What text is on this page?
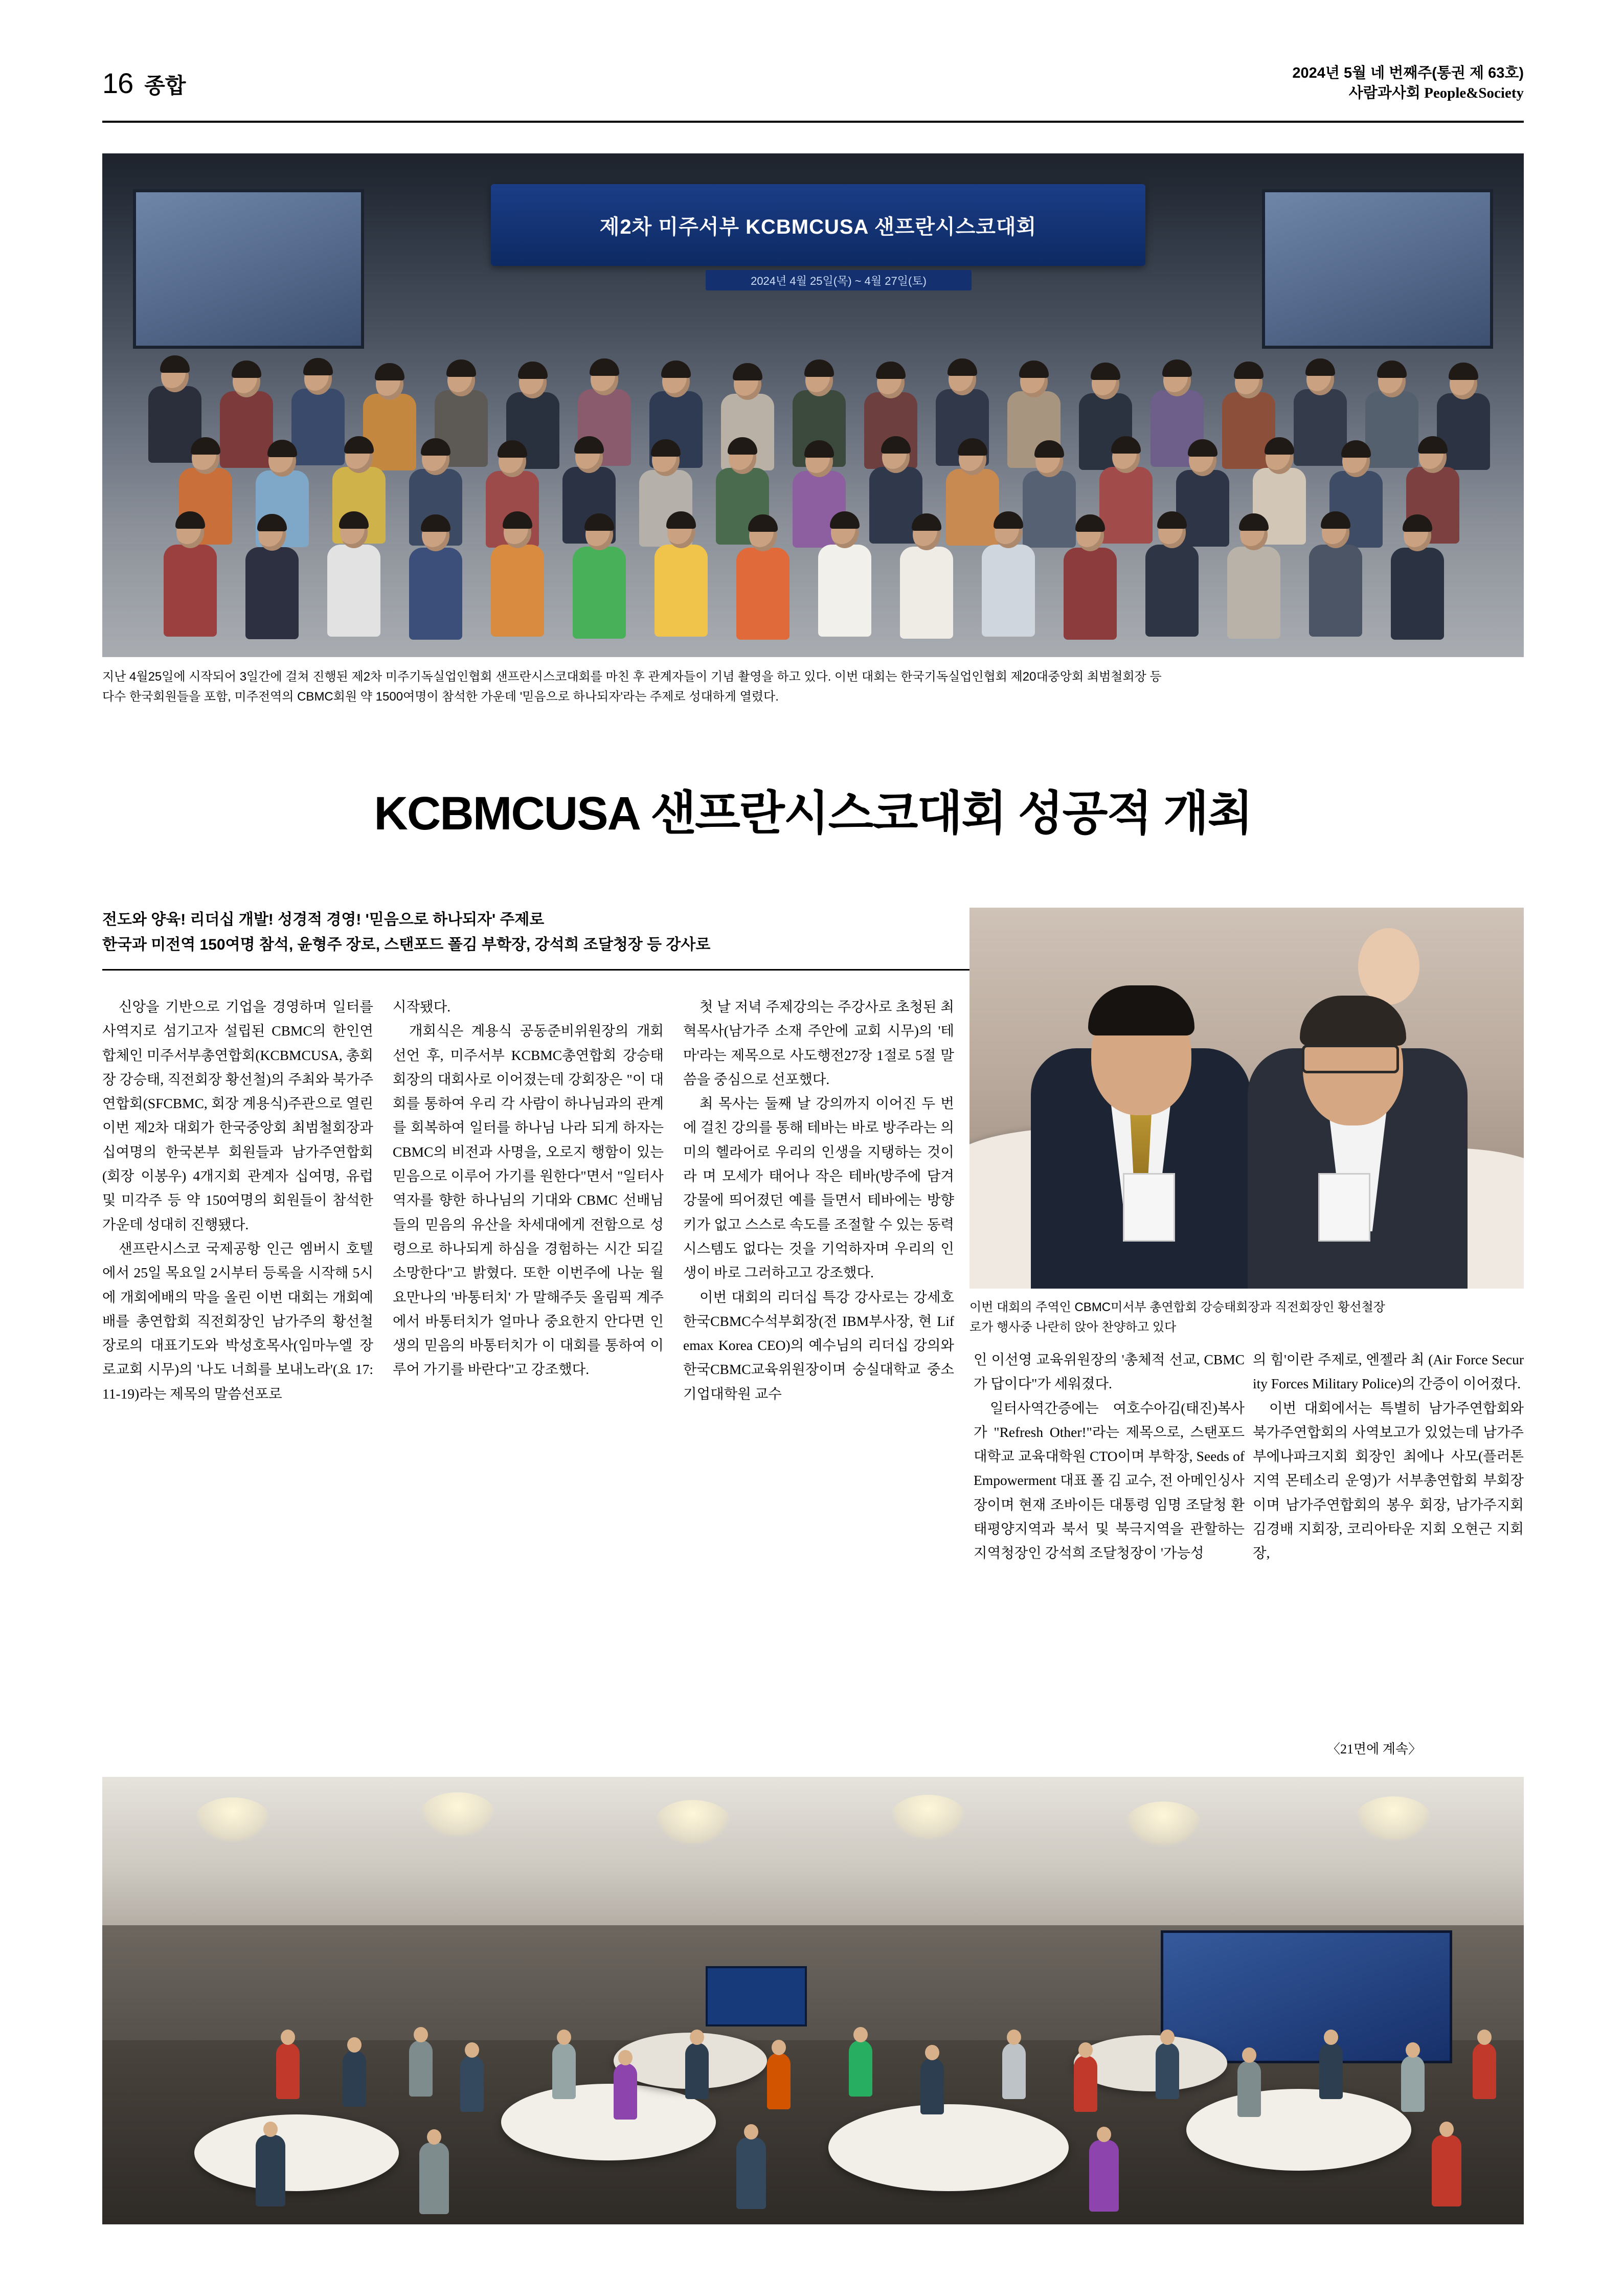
16 종합
2024년 5월 네 번째주(통권 제 63호)
사람과사회 People&Society
제2차 미주서부 KCBMCUSA 샌프란시스코대회
2024년 4월 25일(목) ~ 4월 27일(토)
지난 4월25일에 시작되어 3일간에 걸쳐 진행된 제2차 미주기독실업인협회 샌프란시스코대회를 마친 후 관계자들이 기념 촬영을 하고 있다. 이번 대회는 한국기독실업인협회 제20대중앙회 최범철회장 등
다수 한국회원들을 포함, 미주전역의 CBMC회원 약 1500여명이 참석한 가운데 '믿음으로 하나되자'라는 주제로 성대하게 열렸다.
KCBMCUSA 샌프란시스코대회 성공적 개최
전도와 양육! 리더십 개발! 성경적 경영! '믿음으로 하나되자' 주제로
한국과 미전역 150여명 참석, 윤형주 장로, 스탠포드 폴김 부학장, 강석희 조달청장 등 강사로
이번 대회의 주역인 CBMC미서부 총연합회 강승태회장과 직전회장인 황선철장
로가 행사중 나란히 앉아 찬양하고 있다

신앙을 기반으로 기업을 경영하며 일터를 사역지로 섬기고자 설립된 CBMC의 한인연합체인 미주서부총연합회(KCBMCUSA, 총회장 강승태, 직전회장 황선철)의 주최와 북가주연합회(SFCBMC, 회장 계용식)주관으로 열린 이번 제2차 대회가 한국중앙회 최범철회장과 십여명의 한국본부 회원들과 남가주연합회(회장 이봉우) 4개지회 관계자 십여명, 유럽 및 미각주 등 약 150여명의 회원들이 참석한 가운데 성대히 진행됐다.

샌프란시스코 국제공항 인근 엠버시 호텔에서 25일 목요일 2시부터 등록을 시작해 5시에 개회에배의 막을 올린 이번 대회는 개회예배를 총연합회 직전회장인 남가주의 황선철장로의 대표기도와 박성호목사(임마누엘 장로교회 시무)의 '나도 너희를 보내노라'(요 17:11-19)라는 제목의 말씀선포로

시작됐다.

개회식은 계용식 공동준비위원장의 개회선언 후, 미주서부 KCBMC총연합회 강승태회장의 대회사로 이어졌는데 강회장은 "이 대회를 통하여 우리 각 사람이 하나님과의 관계를 회복하여 일터를 하나님 나라 되게 하자는 CBMC의 비전과 사명을, 오로지 행함이 있는 믿음으로 이루어 가기를 원한다"면서 "일터사역자를 향한 하나님의 기대와 CBMC 선배님들의 믿음의 유산을 차세대에게 전함으로 성령으로 하나되게 하심을 경험하는 시간 되길 소망한다"고 밝혔다. 또한 이번주에 나눈 월요만나의 '바통터치' 가 말해주듯 올림픽 계주에서 바통터치가 얼마나 중요한지 안다면 인생의 믿음의 바통터치가 이 대회를 통하여 이루어 가기를 바란다"고 강조했다.

첫 날 저녁 주제강의는 주강사로 초청된 최혁목사(남가주 소재 주안에 교회 시무)의 '테마'라는 제목으로 사도행전27장 1절로 5절 말씀을 중심으로 선포했다.

최 목사는 둘째 날 강의까지 이어진 두 번에 걸친 강의를 통해 테바는 바로 방주라는 의미의 헬라어로 우리의 인생을 지탱하는 것이라 며 모세가 태어나 작은 테바(방주에 담겨 강물에 띄어졌던 예를 들면서 테바에는 방향키가 없고 스스로 속도를 조절할 수 있는 동력 시스템도 없다는 것을 기억하자며 우리의 인생이 바로 그러하고고 강조했다.

이번 대회의 리더십 특강 강사로는 강세호 한국CBMC수석부회장(전 IBM부사장, 현 Lifemax Korea CEO)의 예수님의 리더십 강의와 한국CBMC교육위원장이며 숭실대학교 중소기업대학원 교수

인 이선영 교육위원장의 '총체적 선교, CBMC가 답이다"가 세워졌다.

일터사역간증에는 여호수아김(태진)복사가 "Refresh Other!"라는 제목으로, 스탠포드대학교 교육대학원 CTO이며 부학장, Seeds of Empowerment 대표 폴 김 교수, 전 아메인싱사장이며 현재 조바이든 대통령 임명 조달청 환태평양지역과 북서 및 북극지역을 관할하는 지역청장인 강석희 조달청장이 '가능성

의 힘'이란 주제로, 엔젤라 최 (Air Force Security Forces Military Police)의 간증이 이어졌다.

이번 대회에서는 특별히 남가주연합회와 북가주연합회의 사역보고가 있었는데 남가주부에나파크지회 회장인 최에나 사모(플러톤 지역 몬테소리 운영)가 서부총연합회 부회장이며 남가주연합회의 봉우 회장, 남가주지회 김경배 지회장, 코리아타운 지회 오현근 지회장,

〈21면에 계속〉
